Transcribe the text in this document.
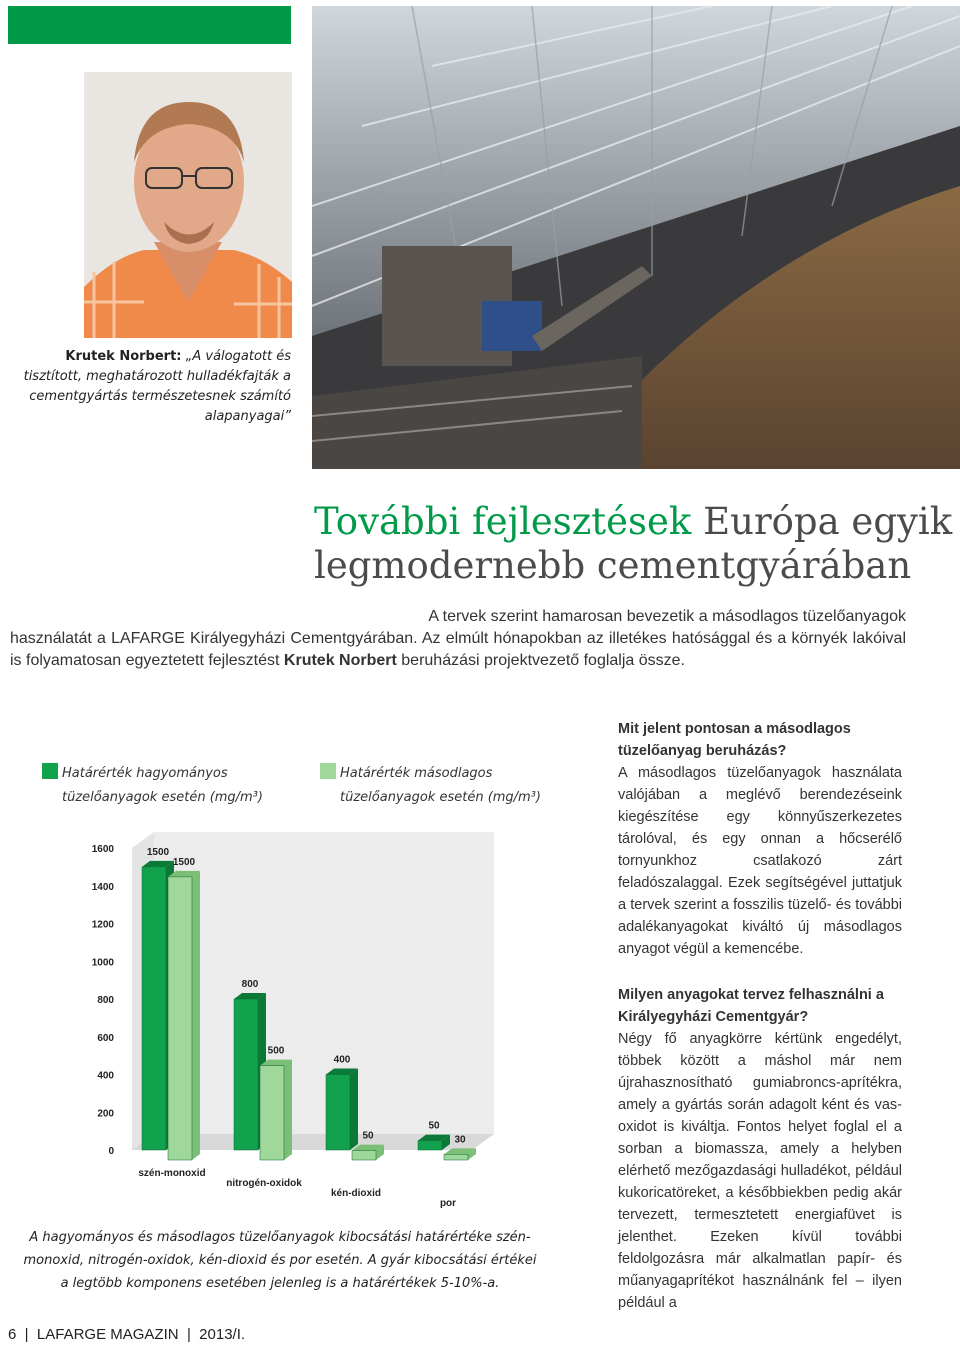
Krutek Norbert: „A válogatott és tisztított, meghatározott hulladékfajták a cementgyártás természetesnek számító alapanyagai”
További fejlesztések Európa egyik legmodernebb cementgyárában
A tervek szerint hamarosan bevezetik a másodlagos tüzelőanyagok
használatát a LAFARGE Királyegyházi Cementgyárában. Az elmúlt hónapokban az illetékes hatósággal és a környék lakóival is folyamatosan egyeztetett fejlesztést Krutek Norbert beruházási projektvezető foglalja össze.
Határérték hagyományos
tüzelőanyagok esetén (mg/m³)
Határérték másodlagos
tüzelőanyagok esetén (mg/m³)
0
200
400
600
800
1000
1200
1400
1600	1500
1500
szén-monoxid
800
500
nitrogén-oxidok
400
50
kén-dioxid
50
30
por
A hagyományos és másodlagos tüzelőanyagok kibocsátási határértéke szén-monoxid, nitrogén-oxidok, kén-dioxid és por esetén. A gyár kibocsátási értékei a legtöbb komponens esetében jelenleg is a határértékek 5-10%-a.
6  |  LAFARGE MAGAZIN  |  2013/I.
Mit jelent pontosan a másodlagos tüzelőanyag beruházás?
A másodlagos tüzelőanyagok használata valójában a meglévő berendezéseink kiegészítése egy könnyűszerkezetes tárolóval, és egy onnan a hőcserélő tornyunkhoz csatlakozó zárt feladószalaggal. Ezek segítségével juttatjuk a tervek szerint a fosszilis tüzelő- és további adalékanyagokat kiváltó új másodlagos anyagot végül a kemencébe.
Milyen anyagokat tervez felhasználni a Királyegyházi Cementgyár?
Négy fő anyagkörre kértünk engedélyt, többek között a máshol már nem újrahasznosítható gumiabroncs-aprítékra, amely a gyártás során adagolt ként és vas-oxidot is kiváltja. Fontos helyet foglal el a sorban a biomassza, amely a helyben elérhető mezőgazdasági hulladékot, például kukoricatöreket, a későbbiekben pedig akár tervezett, termesztetett energiafüvet is jelenthet. Ezeken kívül további feldolgozásra már alkalmatlan papír- és műanyagaprítékot használnánk fel – ilyen például a
